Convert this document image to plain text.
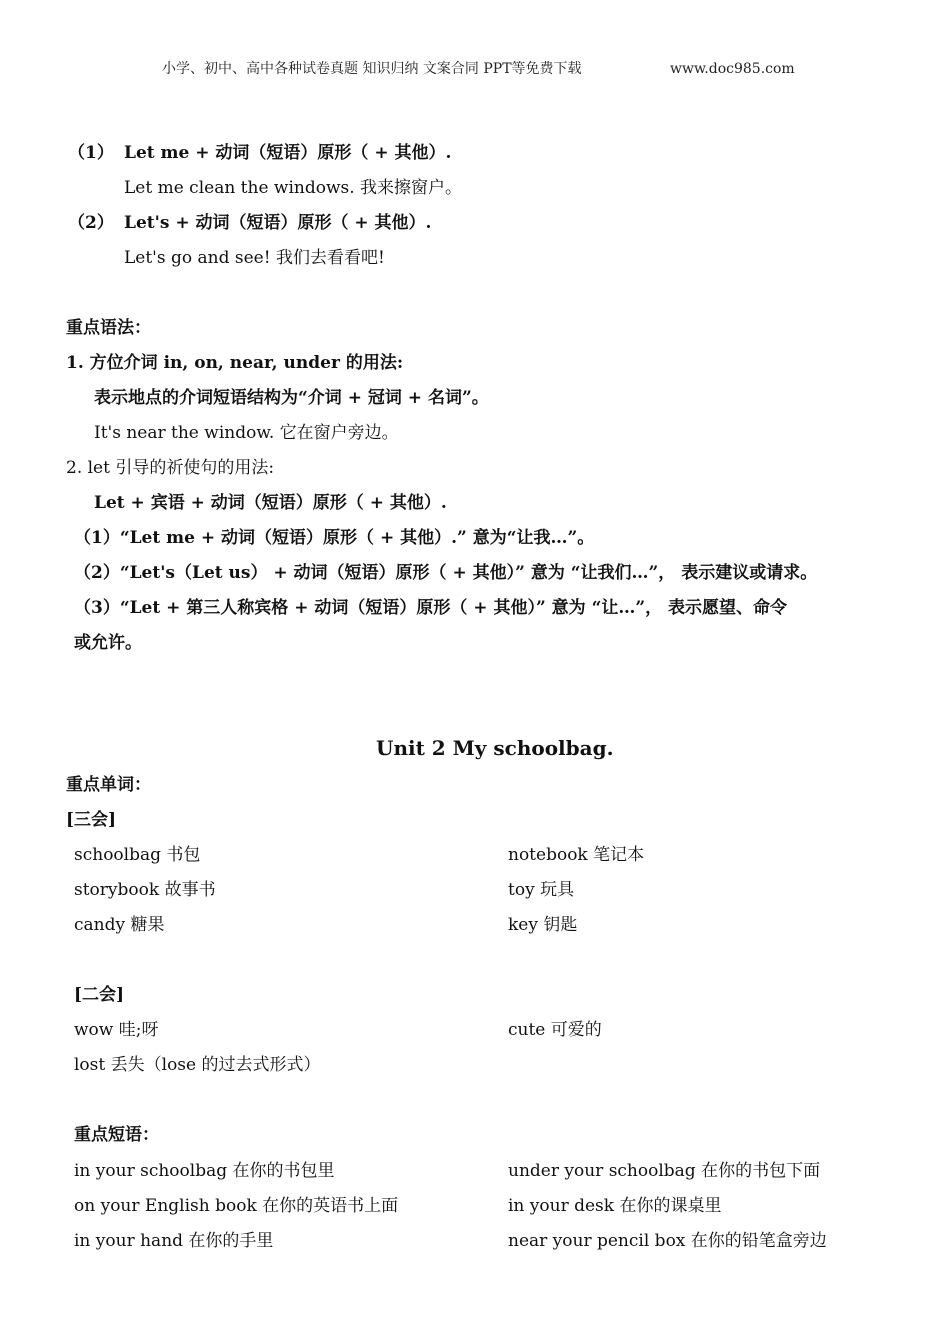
小学、初中、高中各种试卷真题 知识归纳 文案合同 PPT等免费下载	www.doc985.com
（1） Let me + 动词（短语）原形（ + 其他）.
Let me clean the windows. 我来擦窗户。
（2） Let's + 动词（短语）原形（ + 其他）.
Let's go and see! 我们去看看吧!
重点语法：
1. 方位介词 in, on, near, under 的用法:
表示地点的介词短语结构为“介词 + 冠词 + 名词”。
It's near the window. 它在窗户旁边。
2. let 引导的祈使句的用法:
Let + 宾语 + 动词（短语）原形（ + 其他）.
（1）“Let me + 动词（短语）原形（ + 其他）.” 意为“让我…”。
（2）“Let's（Let us） + 动词（短语）原形（ + 其他）” 意为 “让我们…”， 表示建议或请求。
（3）“Let + 第三人称宾格 + 动词（短语）原形（ + 其他）” 意为 “让…”， 表示愿望、命令
或允许。
Unit 2 My schoolbag.
重点单词：
[三会]
schoolbag 书包	notebook 笔记本
storybook 故事书	toy 玩具
candy 糖果	key 钥匙
[二会]
wow 哇;呀	cute 可爱的
lost 丢失（lose 的过去式形式）
重点短语：
in your schoolbag 在你的书包里	under your schoolbag 在你的书包下面
on your English book 在你的英语书上面	in your desk 在你的课桌里
in your hand 在你的手里	near your pencil box 在你的铅笔盒旁边
